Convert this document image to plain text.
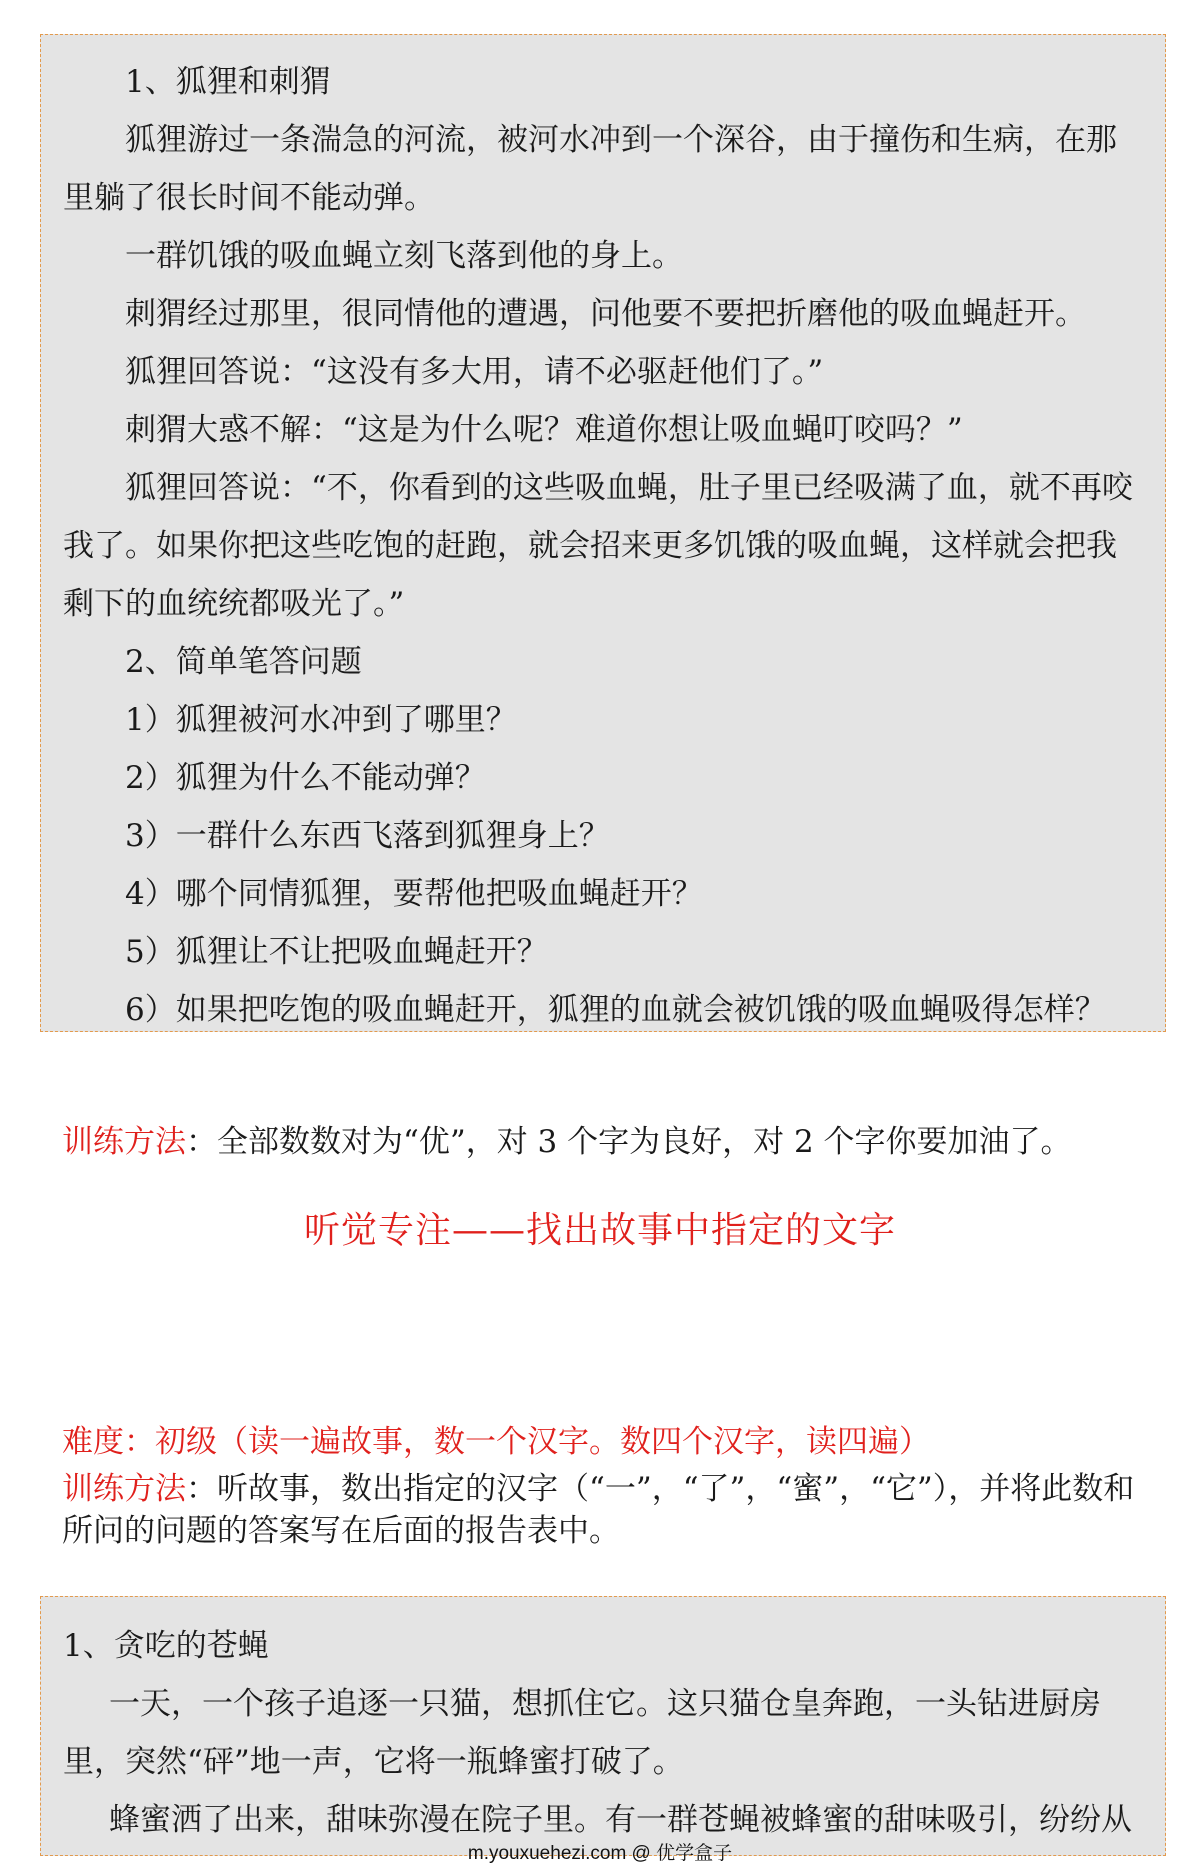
1、狐狸和刺猬

狐狸游过一条湍急的河流，被河水冲到一个深谷，由于撞伤和生病，在那里躺了很长时间不能动弹。

一群饥饿的吸血蝇立刻飞落到他的身上。

刺猬经过那里，很同情他的遭遇，问他要不要把折磨他的吸血蝇赶开。

狐狸回答说：“这没有多大用，请不必驱赶他们了。”

刺猬大惑不解：“这是为什么呢？难道你想让吸血蝇叮咬吗？”

狐狸回答说：“不，你看到的这些吸血蝇，肚子里已经吸满了血，就不再咬我了。如果你把这些吃饱的赶跑，就会招来更多饥饿的吸血蝇，这样就会把我剩下的血统统都吸光了。”

2、简单笔答问题

1）狐狸被河水冲到了哪里？

2）狐狸为什么不能动弹？

3）一群什么东西飞落到狐狸身上？

4）哪个同情狐狸，要帮他把吸血蝇赶开？

5）狐狸让不让把吸血蝇赶开？

6）如果把吃饱的吸血蝇赶开，狐狸的血就会被饥饿的吸血蝇吸得怎样？

训练方法：全部数数对为“优”，对 3 个字为良好，对 2 个字你要加油了。
听觉专注——找出故事中指定的文字
难度：初级（读一遍故事，数一个汉字。数四个汉字，读四遍）
训练方法：听故事，数出指定的汉字（“一”，“了”，“蜜”，“它”），并将此数和所问的问题的答案写在后面的报告表中。

1、贪吃的苍蝇

一天，一个孩子追逐一只猫，想抓住它。这只猫仓皇奔跑，一头钻进厨房里，突然“砰”地一声，它将一瓶蜂蜜打破了。

蜂蜜洒了出来，甜味弥漫在院子里。有一群苍蝇被蜂蜜的甜味吸引，纷纷从

m.youxuehezi.com @ 优学盒子
